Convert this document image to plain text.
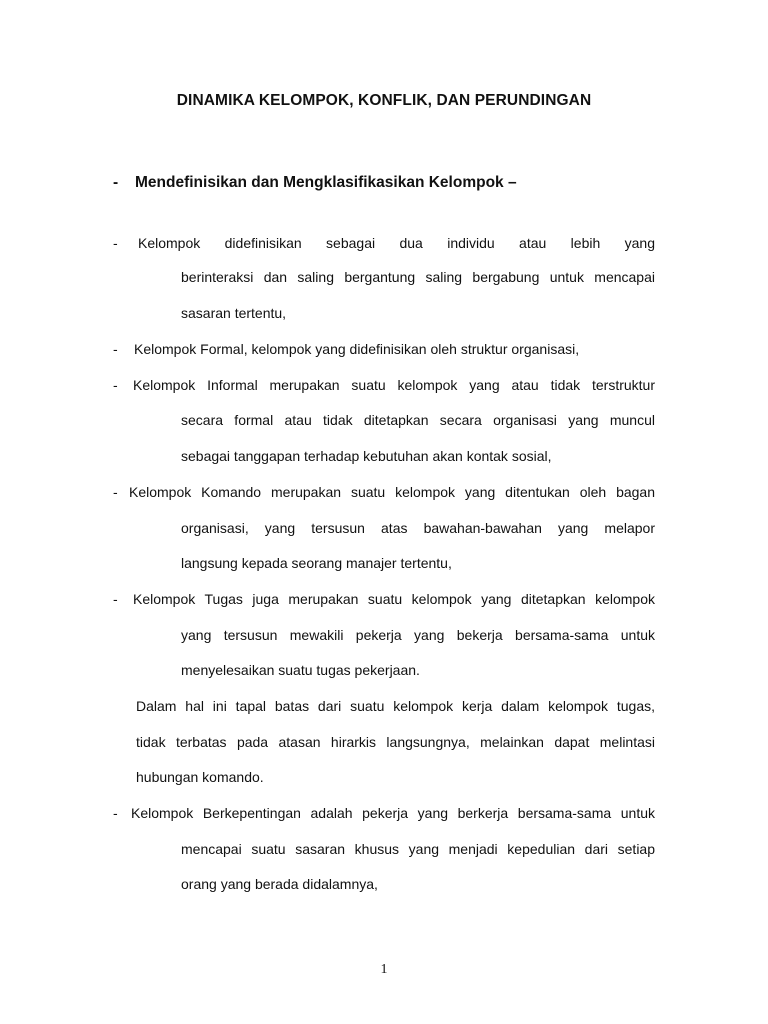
DINAMIKA KELOMPOK, KONFLIK, DAN PERUNDINGAN
- Mendefinisikan dan Mengklasifikasikan Kelompok –
- Kelompok didefinisikan sebagai dua individu atau lebih yang
berinteraksi dan saling bergantung saling bergabung untuk mencapai
sasaran tertentu,
- Kelompok Formal, kelompok yang didefinisikan oleh struktur organisasi,
- Kelompok Informal merupakan suatu kelompok yang atau tidak terstruktur
secara formal atau tidak ditetapkan secara organisasi yang muncul
sebagai tanggapan terhadap kebutuhan akan kontak sosial,
- Kelompok Komando merupakan suatu kelompok yang ditentukan oleh bagan
organisasi, yang tersusun atas bawahan-bawahan yang melapor
langsung kepada seorang manajer tertentu,
- Kelompok Tugas juga merupakan suatu kelompok yang ditetapkan kelompok
yang tersusun mewakili pekerja yang bekerja bersama-sama untuk
menyelesaikan suatu tugas pekerjaan.
Dalam hal ini tapal batas dari suatu kelompok kerja dalam kelompok tugas,
tidak terbatas pada atasan hirarkis langsungnya, melainkan dapat melintasi
hubungan komando.
- Kelompok Berkepentingan adalah pekerja yang berkerja bersama-sama untuk
mencapai suatu sasaran khusus yang menjadi kepedulian dari setiap
orang yang berada didalamnya,
1
